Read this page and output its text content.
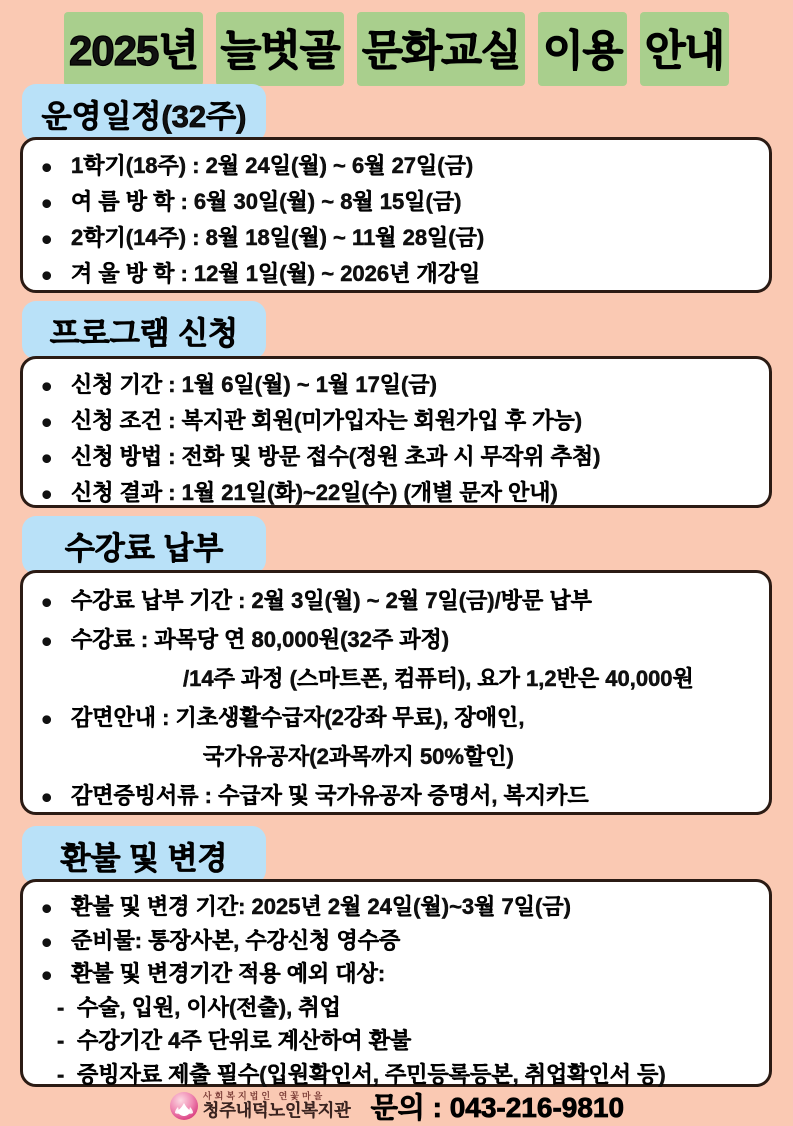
2025년 늘벗골 문화교실 이용 안내
운영일정(32주)
● 1학기(18주) : 2월 24일(월) ~ 6월 27일(금)
● 여 름 방 학 : 6월 30일(월) ~ 8월 15일(금)
● 2학기(14주) : 8월 18일(월) ~ 11월 28일(금)
● 겨 울 방 학 : 12월 1일(월) ~ 2026년 개강일
프로그램 신청
● 신청 기간 : 1월 6일(월) ~ 1월 17일(금)
● 신청 조건 : 복지관 회원(미가입자는 회원가입 후 가능)
● 신청 방법 : 전화 및 방문 접수(정원 초과 시 무작위 추첨)
● 신청 결과 : 1월 21일(화)~22일(수) (개별 문자 안내)
수강료 납부
● 수강료 납부 기간 : 2월 3일(월) ~ 2월 7일(금)/방문 납부
● 수강료 : 과목당 연 80,000원(32주 과정)
/14주 과정 (스마트폰, 컴퓨터), 요가 1,2반은 40,000원
● 감면안내 : 기초생활수급자(2강좌 무료), 장애인,
국가유공자(2과목까지 50%할인)
● 감면증빙서류 : 수급자 및 국가유공자 증명서, 복지카드
환불 및 변경
● 환불 및 변경 기간: 2025년 2월 24일(월)~3월 7일(금)
● 준비물: 통장사본, 수강신청 영수증
● 환불 및 변경기간 적용 예외 대상:
- 수술, 입원, 이사(전출), 취업
- 수강기간 4주 단위로 계산하여 환불
- 증빙자료 제출 필수(입원확인서, 주민등록등본, 취업확인서 등)
사회복지법인 연꽃마을
청주내덕노인복지관 문의 : 043-216-9810
